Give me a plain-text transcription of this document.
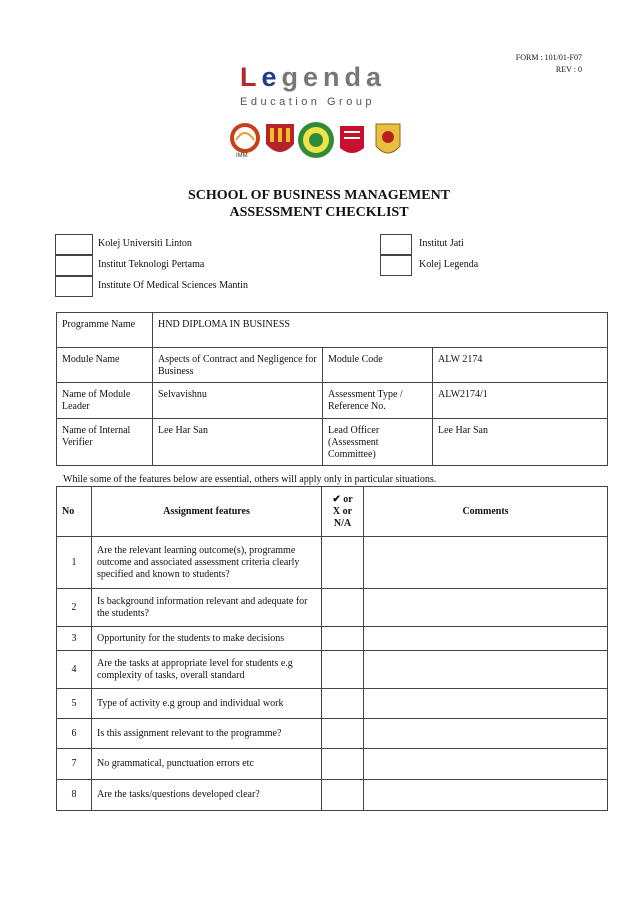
FORM : 101/01-F07
REV : 0
Legenda
Education Group
IMM
SCHOOL OF BUSINESS MANAGEMENT
ASSESSMENT CHECKLIST
Kolej Universiti Linton
Institut Teknologi Pertama
Institute Of Medical Sciences Mantin
Institut Jati
Kolej Legenda
Programme Name	HND DIPLOMA IN BUSINESS		
Module Name	Aspects of Contract and Negligence for Business	Module Code	ALW 2174
Name of Module Leader	Selvavishnu	Assessment Type / Reference No.	ALW2174/1
Name of Internal Verifier	Lee Har San	Lead Officer (Assessment Committee)	Lee Har San
While some of the features below are essential, others will apply only in particular situations.
No	Assignment features	✔ or
X or
N/A	Comments
1	Are the relevant learning outcome(s), programme outcome and associated assessment criteria clearly specified and known to students?		
2	Is background information relevant and adequate for the students?		
3	Opportunity for the students to make decisions		
4	Are the tasks at appropriate level for students e.g complexity of tasks, overall standard		
5	Type of activity e.g group and individual work		
6	Is this assignment relevant to the programme?		
7	No grammatical, punctuation errors etc		
8	Are the tasks/questions developed clear?		
